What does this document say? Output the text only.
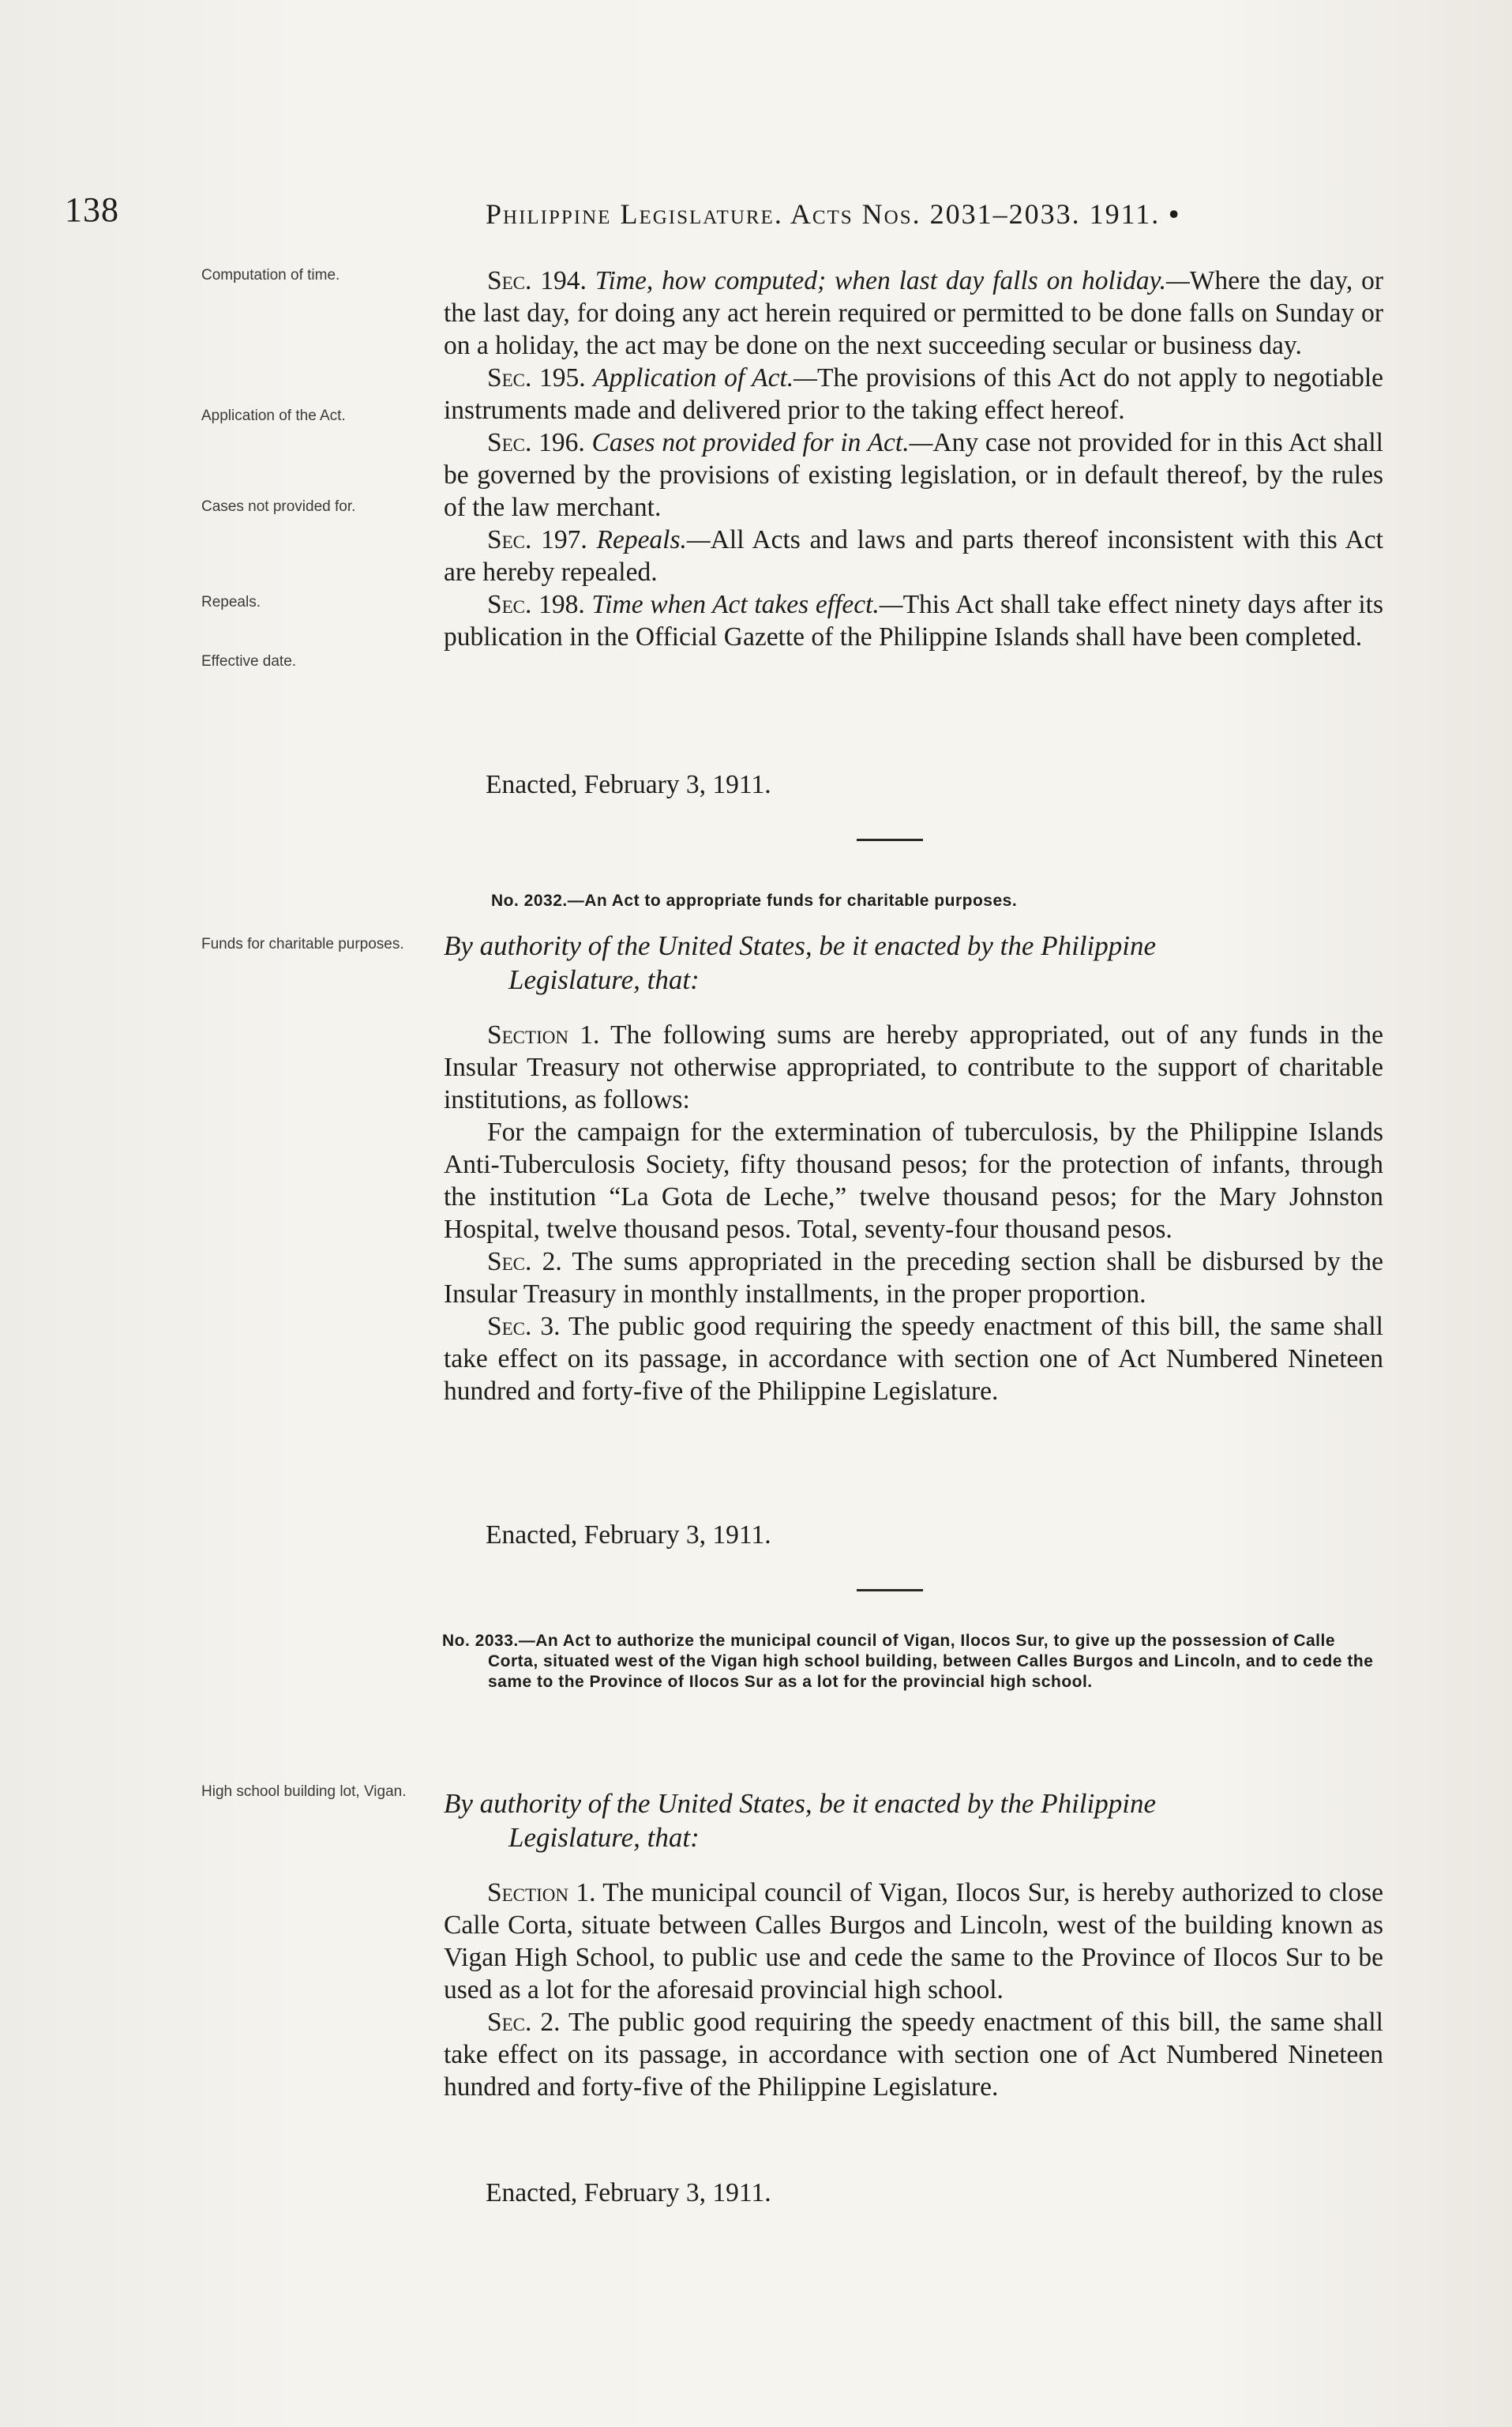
138	Philippine Legislature. Acts Nos. 2031–2033. 1911. •
Computation of time.
Application of the Act.
Cases not provided for.
Repeals.
Effective date.
Funds for charitable purposes.
High school building lot, Vigan.

Sec. 194. Time, how computed; when last day falls on holiday.—Where the day, or the last day, for doing any act herein required or permitted to be done falls on Sunday or on a holiday, the act may be done on the next succeeding secular or business day.

Sec. 195. Application of Act.—The provisions of this Act do not apply to negotiable instruments made and delivered prior to the taking effect hereof.

Sec. 196. Cases not provided for in Act.—Any case not provided for in this Act shall be governed by the provisions of existing legislation, or in default thereof, by the rules of the law merchant.

Sec. 197. Repeals.—All Acts and laws and parts thereof inconsistent with this Act are hereby repealed.

Sec. 198. Time when Act takes effect.—This Act shall take effect ninety days after its publication in the Official Gazette of the Philippine Islands shall have been completed.

Enacted, February 3, 1911.
No. 2032.—An Act to appropriate funds for charitable purposes.
By authority of the United States, be it enacted by the Philippine
Legislature, that:

Section 1. The following sums are hereby appropriated, out of any funds in the Insular Treasury not otherwise appropriated, to contribute to the support of charitable institutions, as follows:

For the campaign for the extermination of tuberculosis, by the Philippine Islands Anti-Tuberculosis Society, fifty thousand pesos; for the protection of infants, through the institution “La Gota de Leche,” twelve thousand pesos; for the Mary Johnston Hospital, twelve thousand pesos. Total, seventy-four thousand pesos.

Sec. 2. The sums appropriated in the preceding section shall be disbursed by the Insular Treasury in monthly installments, in the proper proportion.

Sec. 3. The public good requiring the speedy enactment of this bill, the same shall take effect on its passage, in accordance with section one of Act Numbered Nineteen hundred and forty-five of the Philippine Legislature.

Enacted, February 3, 1911.
No. 2033.—An Act to authorize the municipal council of Vigan, Ilocos Sur, to give up the possession of Calle Corta, situated west of the Vigan high school building, between Calles Burgos and Lincoln, and to cede the same to the Province of Ilocos Sur as a lot for the provincial high school.
By authority of the United States, be it enacted by the Philippine
Legislature, that:

Section 1. The municipal council of Vigan, Ilocos Sur, is hereby authorized to close Calle Corta, situate between Calles Burgos and Lincoln, west of the building known as Vigan High School, to public use and cede the same to the Province of Ilocos Sur to be used as a lot for the aforesaid provincial high school.

Sec. 2. The public good requiring the speedy enactment of this bill, the same shall take effect on its passage, in accordance with section one of Act Numbered Nineteen hundred and forty-five of the Philippine Legislature.

Enacted, February 3, 1911.
